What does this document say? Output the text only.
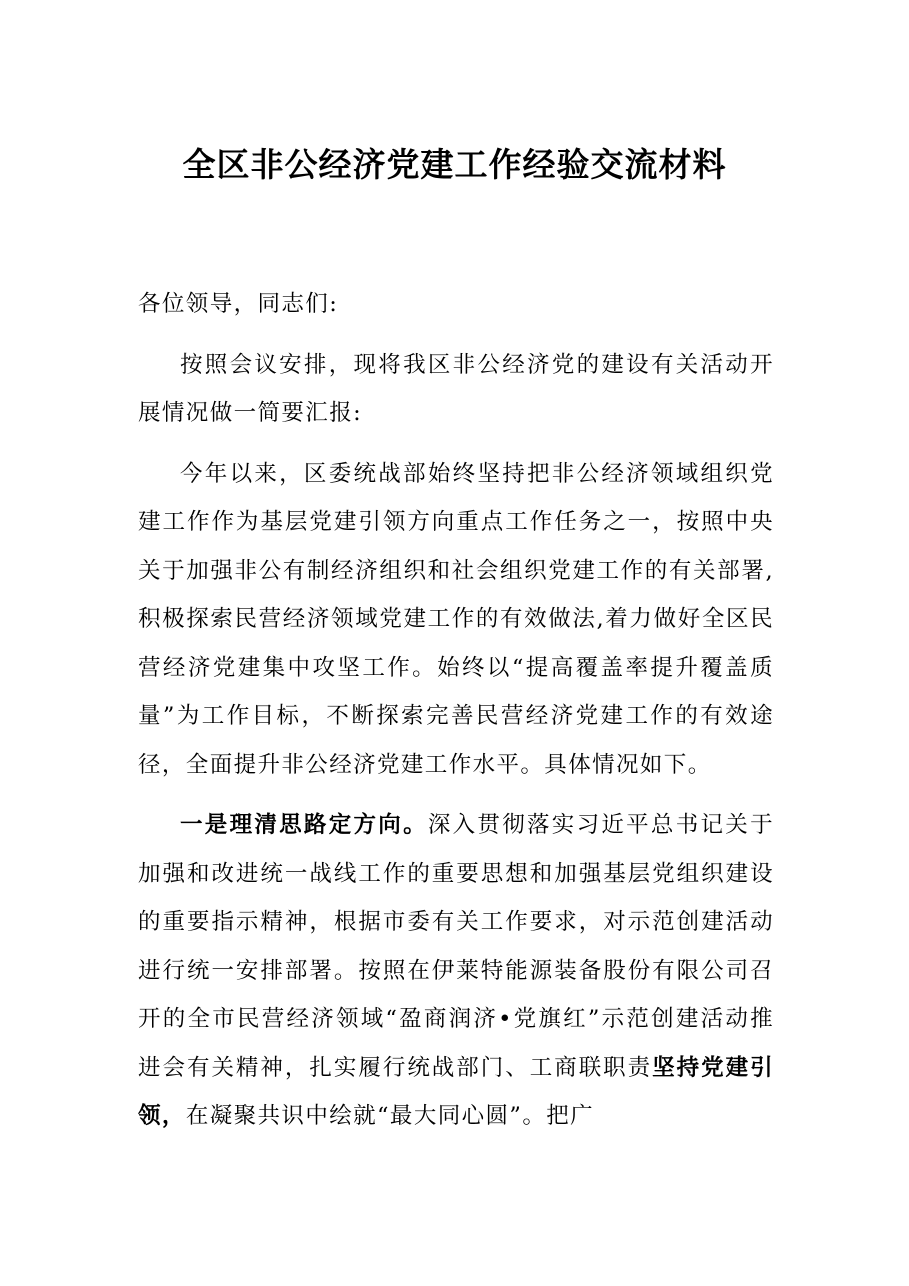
全区非公经济党建工作经验交流材料

各位领导，同志们:

按照会议安排，现将我区非公经济党的建设有关活动开展情况做一简要汇报:

今年以来，区委统战部始终坚持把非公经济领域组织党建工作作为基层党建引领方向重点工作任务之一，按照中央关于加强非公有制经济组织和社会组织党建工作的有关部署,积极探索民营经济领域党建工作的有效做法,着力做好全区民营经济党建集中攻坚工作。始终以“提高覆盖率提升覆盖质量”为工作目标，不断探索完善民营经济党建工作的有效途径，全面提升非公经济党建工作水平。具体情况如下。

一是理清思路定方向。深入贯彻落实习近平总书记关于加强和改进统一战线工作的重要思想和加强基层党组织建设的重要指示精神，根据市委有关工作要求，对示范创建活动进行统一安排部署。按照在伊莱特能源装备股份有限公司召开的全市民营经济领域“盈商润济•党旗红”示范创建活动推进会有关精神，扎实履行统战部门、工商联职责坚持党建引领，在凝聚共识中绘就“最大同心圆”。把广
